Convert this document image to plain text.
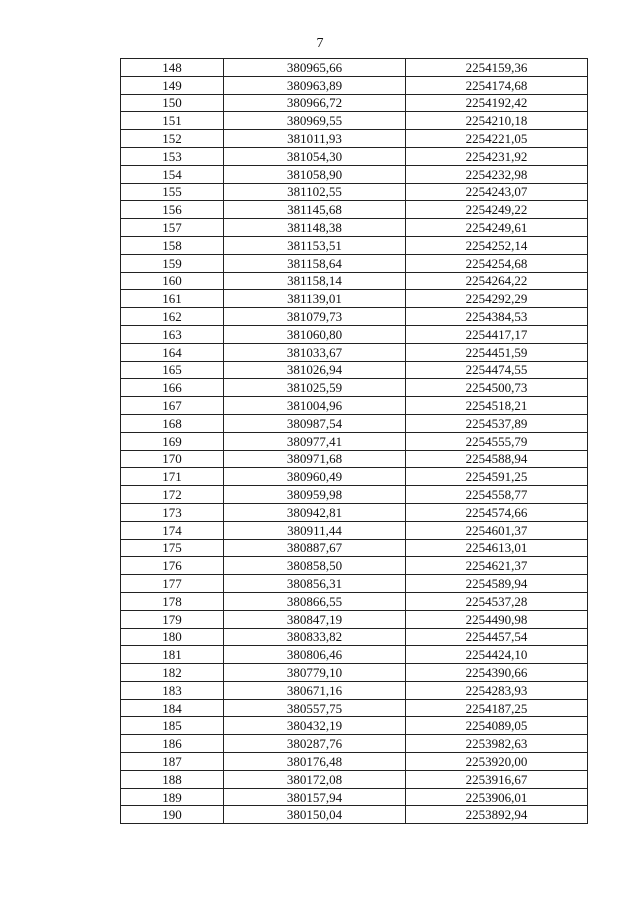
7
148	380965,66	2254159,36
149	380963,89	2254174,68
150	380966,72	2254192,42
151	380969,55	2254210,18
152	381011,93	2254221,05
153	381054,30	2254231,92
154	381058,90	2254232,98
155	381102,55	2254243,07
156	381145,68	2254249,22
157	381148,38	2254249,61
158	381153,51	2254252,14
159	381158,64	2254254,68
160	381158,14	2254264,22
161	381139,01	2254292,29
162	381079,73	2254384,53
163	381060,80	2254417,17
164	381033,67	2254451,59
165	381026,94	2254474,55
166	381025,59	2254500,73
167	381004,96	2254518,21
168	380987,54	2254537,89
169	380977,41	2254555,79
170	380971,68	2254588,94
171	380960,49	2254591,25
172	380959,98	2254558,77
173	380942,81	2254574,66
174	380911,44	2254601,37
175	380887,67	2254613,01
176	380858,50	2254621,37
177	380856,31	2254589,94
178	380866,55	2254537,28
179	380847,19	2254490,98
180	380833,82	2254457,54
181	380806,46	2254424,10
182	380779,10	2254390,66
183	380671,16	2254283,93
184	380557,75	2254187,25
185	380432,19	2254089,05
186	380287,76	2253982,63
187	380176,48	2253920,00
188	380172,08	2253916,67
189	380157,94	2253906,01
190	380150,04	2253892,94
